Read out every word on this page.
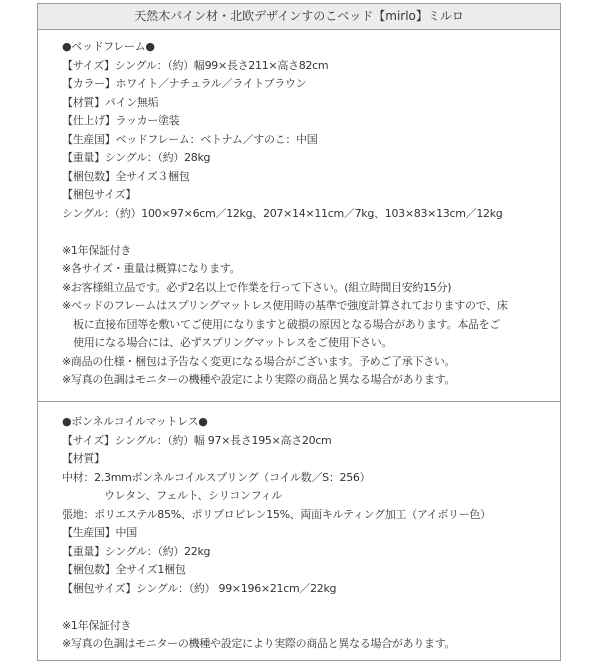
天然木パイン材・北欧デザインすのこベッド【mirlo】ミルロ
●ベッドフレーム●
【サイズ】シングル：（約）幅99×長さ211×高さ82cm
【カラー】ホワイト／ナチュラル／ライトブラウン
【材質】パイン無垢
【仕上げ】ラッカー塗装
【生産国】ベッドフレーム：ベトナム／すのこ：中国
【重量】シングル：（約）28kg
【梱包数】全サイズ３梱包
【梱包サイズ】
シングル：（約）100×97×6cm／12kg、207×14×11cm／7kg、103×83×13cm／12kg
※1年保証付き
※各サイズ・重量は概算になります。
※お客様組立品です。必ず2名以上で作業を行って下さい。(組立時間目安約15分)
※ベッドのフレームはスプリングマットレス使用時の基準で強度計算されておりますので、床
板に直接布団等を敷いてご使用になりますと破損の原因となる場合があります。本品をご
使用になる場合には、必ずスプリングマットレスをご使用下さい。
※商品の仕様・梱包は予告なく変更になる場合がございます。予めご了承下さい。
※写真の色調はモニターの機種や設定により実際の商品と異なる場合があります。
●ボンネルコイルマットレス●
【サイズ】シングル：（約）幅 97×長さ195×高さ20cm
【材質】
中材：2.3mmボンネルコイルスプリング（コイル数／S：256）
ウレタン、フェルト、シリコンフィル
張地：ポリエステル85%、ポリプロピレン15%、両面キルティング加工（アイボリー色）
【生産国】中国
【重量】シングル：（約）22kg
【梱包数】全サイズ1梱包
【梱包サイズ】シングル：（約） 99×196×21cm／22kg
※1年保証付き
※写真の色調はモニターの機種や設定により実際の商品と異なる場合があります。
